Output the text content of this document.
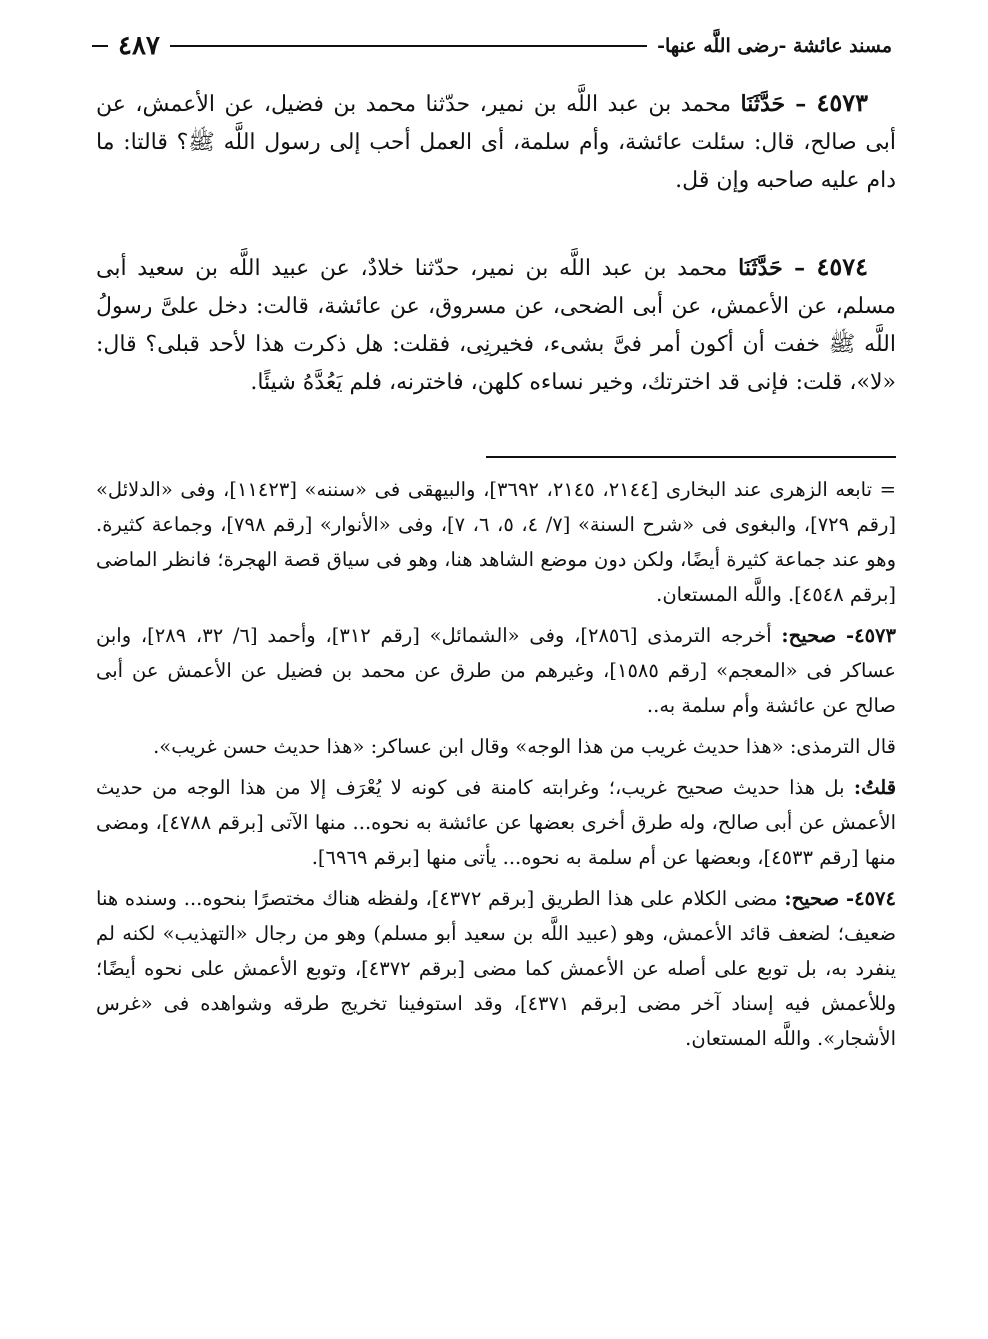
مسند عائشة -رضى اللَّه عنها-
٤٨٧

٤٥٧٣ – حَدَّثَنَا محمد بن عبد اللَّه بن نمير، حدّثنا محمد بن فضيل، عن الأعمش، عن أبى صالح، قال: سئلت عائشة، وأم سلمة، أى العمل أحب إلى رسول اللَّه ﷺ؟ قالتا: ما دام عليه صاحبه وإن قل.

٤٥٧٤ – حَدَّثَنَا محمد بن عبد اللَّه بن نمير، حدّثنا خلادٌ، عن عبيد اللَّه بن سعيد أبى مسلم، عن الأعمش، عن أبى الضحى، عن مسروق، عن عائشة، قالت: دخل علىَّ رسولُ اللَّه ﷺ خفت أن أكون أمر فىَّ بشىء، فخيرنِى، فقلت: هل ذكرت هذا لأحد قبلى؟ قال: «لا»، قلت: فإنى قد اخترتك، وخير نساءه كلهن، فاخترنه، فلم يَعُدَّهُ شيئًا.

= تابعه الزهرى عند البخارى [٢١٤٤، ٢١٤٥، ٣٦٩٢]، والبيهقى فى «سننه» [١١٤٢٣]، وفى «الدلائل» [رقم ٧٢٩]، والبغوى فى «شرح السنة» [٧/ ٤، ٥، ٦، ٧]، وفى «الأنوار» [رقم ٧٩٨]، وجماعة كثيرة. وهو عند جماعة كثيرة أيضًا، ولكن دون موضع الشاهد هنا، وهو فى سياق قصة الهجرة؛ فانظر الماضى [برقم ٤٥٤٨]. واللَّه المستعان.

٤٥٧٣- صحيح: أخرجه الترمذى [٢٨٥٦]، وفى «الشمائل» [رقم ٣١٢]، وأحمد [٦/ ٣٢، ٢٨٩]، وابن عساكر فى «المعجم» [رقم ١٥٨٥]، وغيرهم من طرق عن محمد بن فضيل عن الأعمش عن أبى صالح عن عائشة وأم سلمة به..

قال الترمذى: «هذا حديث غريب من هذا الوجه» وقال ابن عساكر: «هذا حديث حسن غريب».

قلتُ: بل هذا حديث صحيح غريب،؛ وغرابته كامنة فى كونه لا يُعْرَف إلا من هذا الوجه من حديث الأعمش عن أبى صالح، وله طرق أخرى بعضها عن عائشة به نحوه... منها الآتى [برقم ٤٧٨٨]، ومضى منها [رقم ٤٥٣٣]، وبعضها عن أم سلمة به نحوه... يأتى منها [برقم ٦٩٦٩].

٤٥٧٤- صحيح: مضى الكلام على هذا الطريق [برقم ٤٣٧٢]، ولفظه هناك مختصرًا بنحوه... وسنده هنا ضعيف؛ لضعف قائد الأعمش، وهو (عبيد اللَّه بن سعيد أبو مسلم) وهو من رجال «التهذيب» لكنه لم ينفرد به، بل توبع على أصله عن الأعمش كما مضى [برقم ٤٣٧٢]، وتوبع الأعمش على نحوه أيضًا؛ وللأعمش فيه إسناد آخر مضى [برقم ٤٣٧١]، وقد استوفينا تخريج طرقه وشواهده فى «غرس الأشجار». واللَّه المستعان.
